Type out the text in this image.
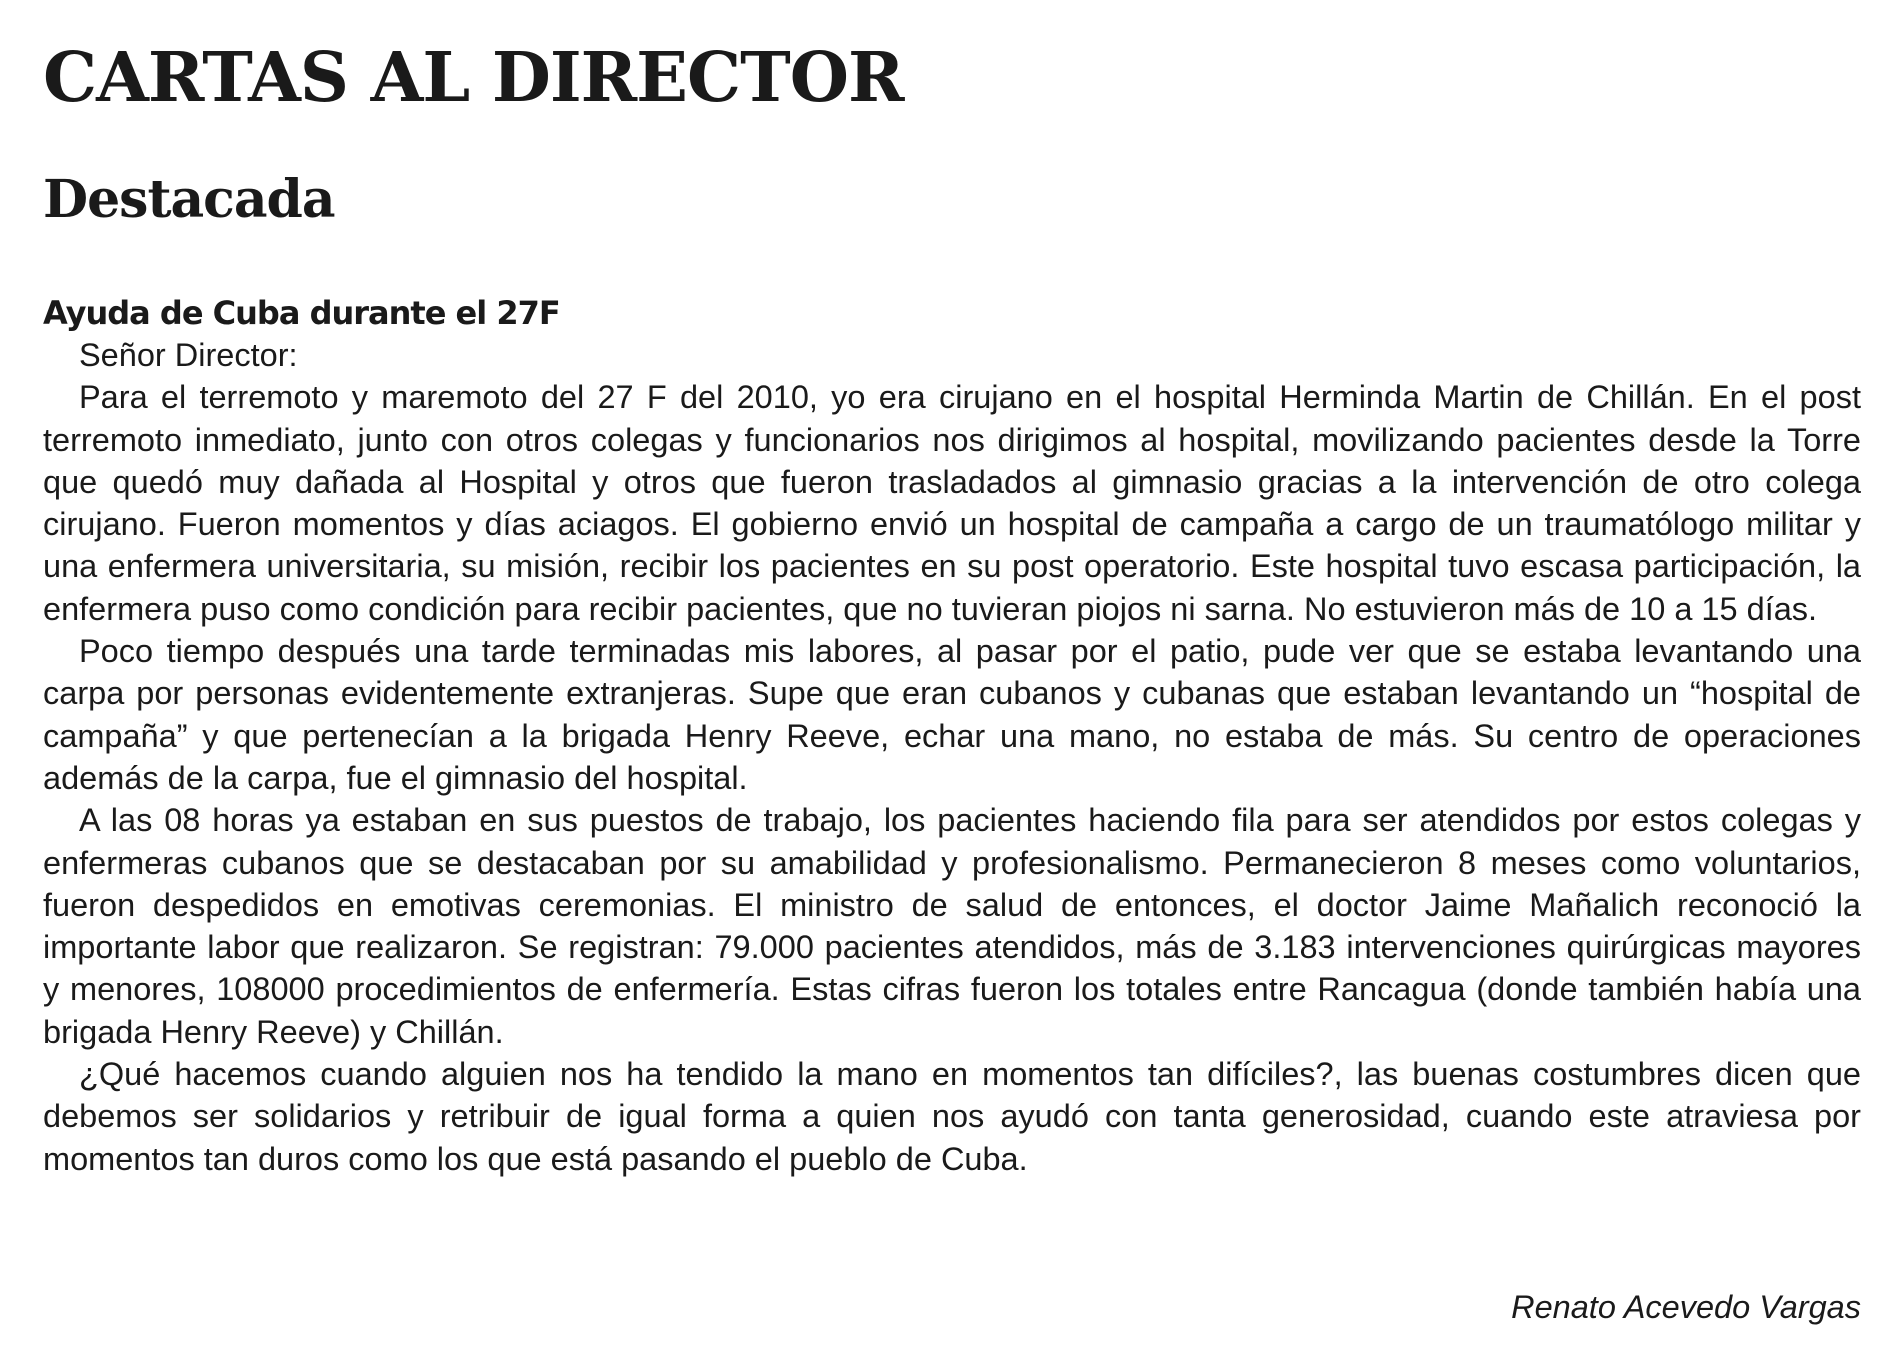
CARTAS AL DIRECTOR
Destacada
Ayuda de Cuba durante el 27F

Señor Director:

Para el terremoto y maremoto del 27 F del 2010, yo era cirujano en el hospital Herminda Martin de Chillán. En el post terremoto inmediato, junto con otros colegas y funcionarios nos dirigimos al hospital, movilizando pacientes desde la Torre que quedó muy dañada al Hospital y otros que fueron trasladados al gimnasio gracias a la intervención de otro colega cirujano. Fueron momentos y días aciagos. El gobierno envió un hospital de campaña a cargo de un traumatólogo militar y una enfermera universitaria, su misión, recibir los pacientes en su post operatorio. Este hospital tuvo escasa participación, la enfermera puso como condición para recibir pacientes, que no tuvieran piojos ni sarna. No estuvieron más de 10 a 15 días.

Poco tiempo después una tarde terminadas mis labores, al pasar por el patio, pude ver que se estaba levantando una carpa por personas evidentemente extranjeras. Supe que eran cubanos y cubanas que estaban levantando un “hospital de campaña” y que pertenecían a la brigada Henry Reeve, echar una mano, no estaba de más. Su centro de operaciones además de la carpa, fue el gimnasio del hospital.

A las 08 horas ya estaban en sus puestos de trabajo, los pacientes haciendo fila para ser atendidos por estos colegas y enfermeras cubanos que se destacaban por su amabilidad y profesionalismo. Permanecieron 8 meses como voluntarios, fueron despedidos en emotivas ceremonias. El ministro de salud de entonces, el doctor Jaime Mañalich reconoció la importante labor que realizaron. Se registran: 79.000 pacientes atendidos, más de 3.183 intervenciones quirúrgicas mayores y menores, 108000 procedimientos de enfermería. Estas cifras fueron los totales entre Rancagua (donde también había una brigada Henry Reeve) y Chillán.

¿Qué hacemos cuando alguien nos ha tendido la mano en momentos tan difíciles?, las buenas costumbres dicen que debemos ser solidarios y retribuir de igual forma a quien nos ayudó con tanta generosidad, cuando este atraviesa por momentos tan duros como los que está pasando el pueblo de Cuba.

Renato Acevedo Vargas
